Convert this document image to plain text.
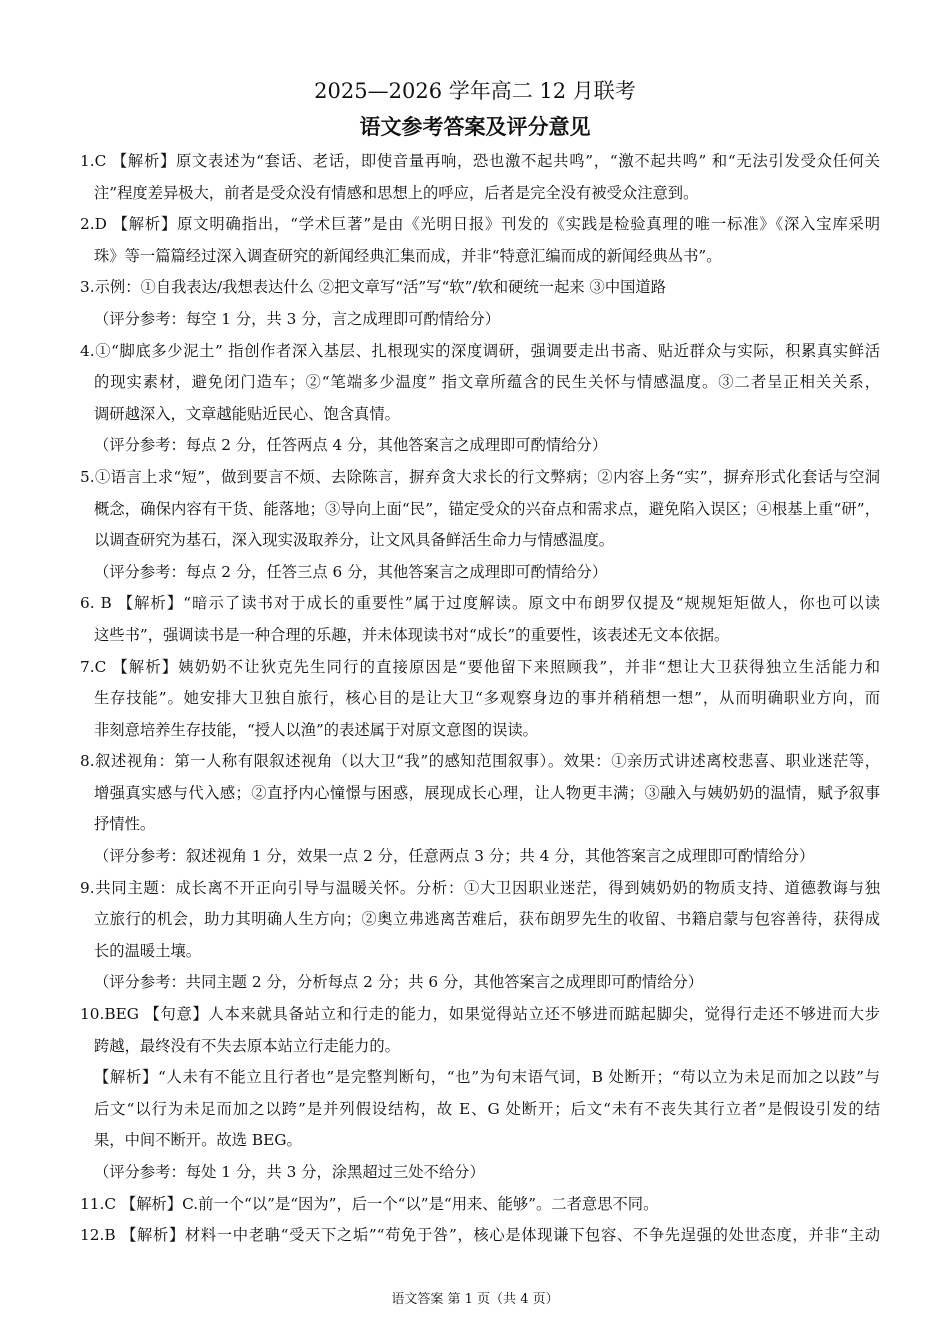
2025—2026 学年高二 12 月联考
语文参考答案及评分意见
1.C 【解析】原文表述为“套话、老话，即使音量再响，恐也激不起共鸣”，“激不起共鸣” 和“无法引发受众任何关
注”程度差异极大，前者是受众没有情感和思想上的呼应，后者是完全没有被受众注意到。
2.D 【解析】原文明确指出，“学术巨著”是由《光明日报》刊发的《实践是检验真理的唯一标准》《深入宝库采明
珠》等一篇篇经过深入调查研究的新闻经典汇集而成，并非“特意汇编而成的新闻经典丛书”。
3.示例：①自我表达/我想表达什么 ②把文章写“活”写“软”/软和硬统一起来 ③中国道路
（评分参考：每空 1 分，共 3 分，言之成理即可酌情给分）
4.①“脚底多少泥土” 指创作者深入基层、扎根现实的深度调研，强调要走出书斋、贴近群众与实际，积累真实鲜活
的现实素材，避免闭门造车；②“笔端多少温度” 指文章所蕴含的民生关怀与情感温度。③二者呈正相关关系，
调研越深入，文章越能贴近民心、饱含真情。
（评分参考：每点 2 分，任答两点 4 分，其他答案言之成理即可酌情给分）
5.①语言上求“短”，做到要言不烦、去除陈言，摒弃贪大求长的行文弊病；②内容上务“实”，摒弃形式化套话与空洞
概念，确保内容有干货、能落地；③导向上面“民”，锚定受众的兴奋点和需求点，避免陷入误区；④根基上重“研”，
以调查研究为基石，深入现实汲取养分，让文风具备鲜活生命力与情感温度。
（评分参考：每点 2 分，任答三点 6 分，其他答案言之成理即可酌情给分）
6. B 【解析】“暗示了读书对于成长的重要性”属于过度解读。原文中布朗罗仅提及“规规矩矩做人，你也可以读
这些书”，强调读书是一种合理的乐趣，并未体现读书对“成长”的重要性，该表述无文本依据。
7.C 【解析】姨奶奶不让狄克先生同行的直接原因是“要他留下来照顾我”，并非“想让大卫获得独立生活能力和
生存技能”。她安排大卫独自旅行，核心目的是让大卫“多观察身边的事并稍稍想一想”，从而明确职业方向，而
非刻意培养生存技能，“授人以渔”的表述属于对原文意图的误读。
8.叙述视角：第一人称有限叙述视角（以大卫“我”的感知范围叙事）。效果：①亲历式讲述离校悲喜、职业迷茫等，
增强真实感与代入感；②直抒内心憧憬与困惑，展现成长心理，让人物更丰满；③融入与姨奶奶的温情，赋予叙事
抒情性。
（评分参考：叙述视角 1 分，效果一点 2 分，任意两点 3 分；共 4 分，其他答案言之成理即可酌情给分）
9.共同主题：成长离不开正向引导与温暖关怀。分析：①大卫因职业迷茫，得到姨奶奶的物质支持、道德教诲与独
立旅行的机会，助力其明确人生方向；②奥立弗逃离苦难后，获布朗罗先生的收留、书籍启蒙与包容善待，获得成
长的温暖土壤。
（评分参考：共同主题 2 分，分析每点 2 分；共 6 分，其他答案言之成理即可酌情给分）
10.BEG 【句意】人本来就具备站立和行走的能力，如果觉得站立还不够进而踮起脚尖，觉得行走还不够进而大步
跨越，最终没有不失去原本站立行走能力的。
【解析】“人未有不能立且行者也”是完整判断句，“也”为句末语气词，B 处断开；“苟以立为未足而加之以跂”与
后文“以行为未足而加之以跨”是并列假设结构，故 E、G 处断开；后文“未有不丧失其行立者”是假设引发的结
果，中间不断开。故选 BEG。
（评分参考：每处 1 分，共 3 分，涂黑超过三处不给分）
11.C 【解析】C.前一个“以”是“因为”，后一个“以”是“用来、能够”。二者意思不同。
12.B 【解析】材料一中老聃“受天下之垢”“苟免于咎”，核心是体现谦下包容、不争先逞强的处世态度，并非“主动
语文答案 第 1 页（共 4 页）
